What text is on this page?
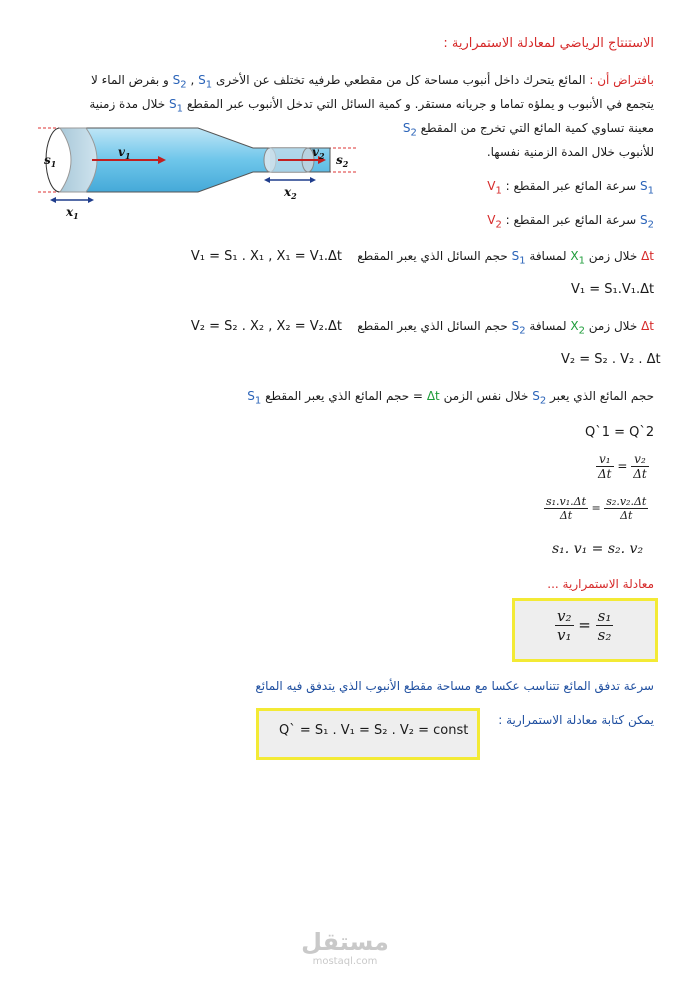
الاستنتاج الرياضي لمعادلة الاستمرارية :
بافتراض أن : المائع يتحرك داخل أنبوب مساحة كل من مقطعي طرفيه تختلف عن الأخرى $S_2$ , $S_1$ و بفرض الماء لا
يتجمع في الأنبوب و يملؤه تماما و جريانه مستقر. و كمية السائل التي تدخل الأنبوب عبر المقطع $S_1$ خلال مدة زمنية
معينة تساوي كمية المائع التي تخرج من المقطع $S_2$
للأنبوب خلال المدة الزمنية نفسها.
$s_1$
$v_1$	$v_2$ $s_2$
$x_1$
$x_2$
$V_1$ : سرعة المائع عبر المقطع $S_1$
$V_2$ : سرعة المائع عبر المقطع $S_2$
V₁ = S₁ . X₁ , X₁ = V₁.Δt حجم السائل الذي يعبر المقطع $S_1$ لمسافة $X_1$ خلال زمن Δt
V₁ = S₁.V₁.Δt
V₂ = S₂ . X₂ , X₂ = V₂.Δt حجم السائل الذي يعبر المقطع $S_2$ لمسافة $X_2$ خلال زمن Δt
V₂ = S₂ . V₂ . Δt
حجم المائع الذي يعبر $S_2$ خلال نفس الزمن Δt = حجم المائع الذي يعبر المقطع $S_1$
Q`1 = Q`2
$\frac{\text{v₁}}{\Delta t} = \frac{\text{v₂}}{\Delta t}$
$\frac{\text{s₁.v₁.Δt}}{\Delta t} = \frac{\text{s₂.v₂.Δt}}{\Delta t}$
s₁. v₁ = s₂. v₂
معادلة الاستمرارية ...
$\frac{\text{v₂}}{\text{v₁}} = \frac{\text{s₁}}{\text{s₂}}$
سرعة تدفق المائع تتناسب عكسا مع مساحة مقطع الأنبوب الذي يتدفق فيه المائع
يمكن كتابة معادلة الاستمرارية :
Q` = S₁ . V₁ = S₂ . V₂ = const
مستقل
mostaql.com
